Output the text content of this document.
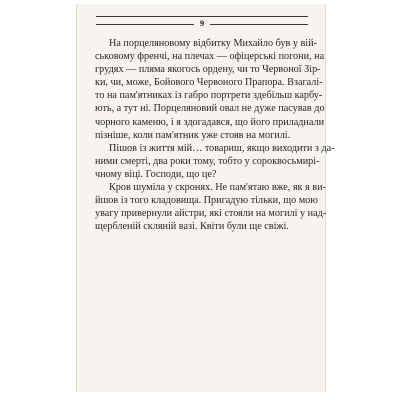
9

На порцеляновому відбитку Михайло був у вій-
ськовому френчі, на плечах — офіцерські погони, на
грудях — пляма якогось ордену, чи то Червоної Зір-
ки, чи, може, Бойового Червоного Прапора. Взагалі-
то на пам'ятниках із габро портрети здебільш карбу-
ють, а тут ні. Порцеляновий овал не дуже пасував до
чорного каменю, і я здогадався, що його приладнали
пізніше, коли пам'ятник уже стояв на могилі.

Пішов із життя мій… товариш, якщо виходити з да-
ними смерті, два роки тому, тобто у сороквосьмирі-
чному віці. Господи, що це?

Кров шуміла у скронях. Не пам'ятаю вже, як я ви-
йшов із того кладовища. Пригадую тільки, що мою
увагу привернули айстри, які стояли на могилі у над-
щербленій скляній вазі. Квіти були ще свіжі.
